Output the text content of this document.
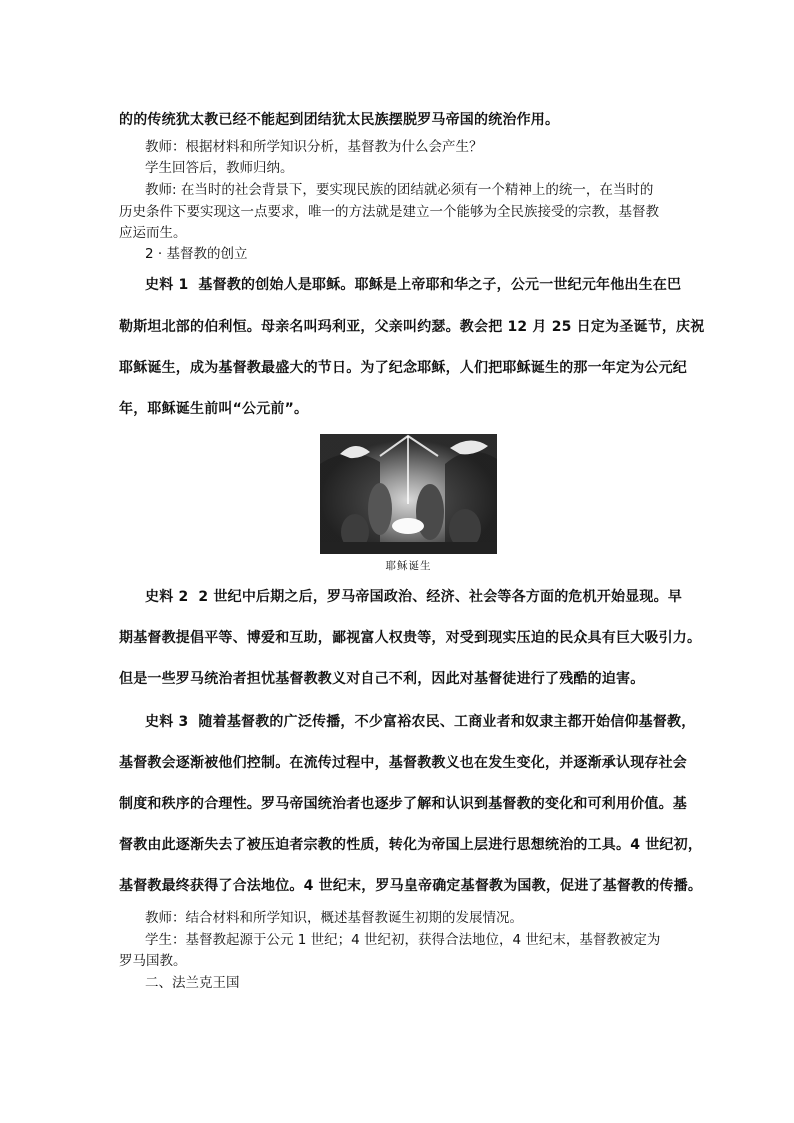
的的传统犹太教已经不能起到团结犹太民族摆脱罗马帝国的统治作用。
教师：根据材料和所学知识分析，基督教为什么会产生？
学生回答后，教师归纳。
教师: 在当时的社会背景下，要实现民族的团结就必须有一个精神上的统一，在当时的
历史条件下要实现这一点要求，唯一的方法就是建立一个能够为全民族接受的宗教，基督教
应运而生。
2 · 基督教的创立
史料 1 基督教的创始人是耶稣。耶稣是上帝耶和华之子，公元一世纪元年他出生在巴
勒斯坦北部的伯利恒。母亲名叫玛利亚，父亲叫约瑟。教会把 12 月 25 日定为圣诞节，庆祝
耶稣诞生，成为基督教最盛大的节日。为了纪念耶稣，人们把耶稣诞生的那一年定为公元纪
年，耶稣诞生前叫“公元前”。
耶稣诞生
史料 2 2 世纪中后期之后，罗马帝国政治、经济、社会等各方面的危机开始显现。早
期基督教提倡平等、博爱和互助，鄙视富人权贵等，对受到现实压迫的民众具有巨大吸引力。
但是一些罗马统治者担忧基督教教义对自己不利，因此对基督徒进行了残酷的迫害。
史料 3 随着基督教的广泛传播，不少富裕农民、工商业者和奴隶主都开始信仰基督教，
基督教会逐渐被他们控制。在流传过程中，基督教教义也在发生变化，并逐渐承认现存社会
制度和秩序的合理性。罗马帝国统治者也逐步了解和认识到基督教的变化和可利用价值。基
督教由此逐渐失去了被压迫者宗教的性质，转化为帝国上层进行思想统治的工具。4 世纪初，
基督教最终获得了合法地位。4 世纪末，罗马皇帝确定基督教为国教，促进了基督教的传播。
教师：结合材料和所学知识，概述基督教诞生初期的发展情况。
学生：基督教起源于公元 1 世纪；4 世纪初，获得合法地位，4 世纪末，基督教被定为
罗马国教。
二、法兰克王国
